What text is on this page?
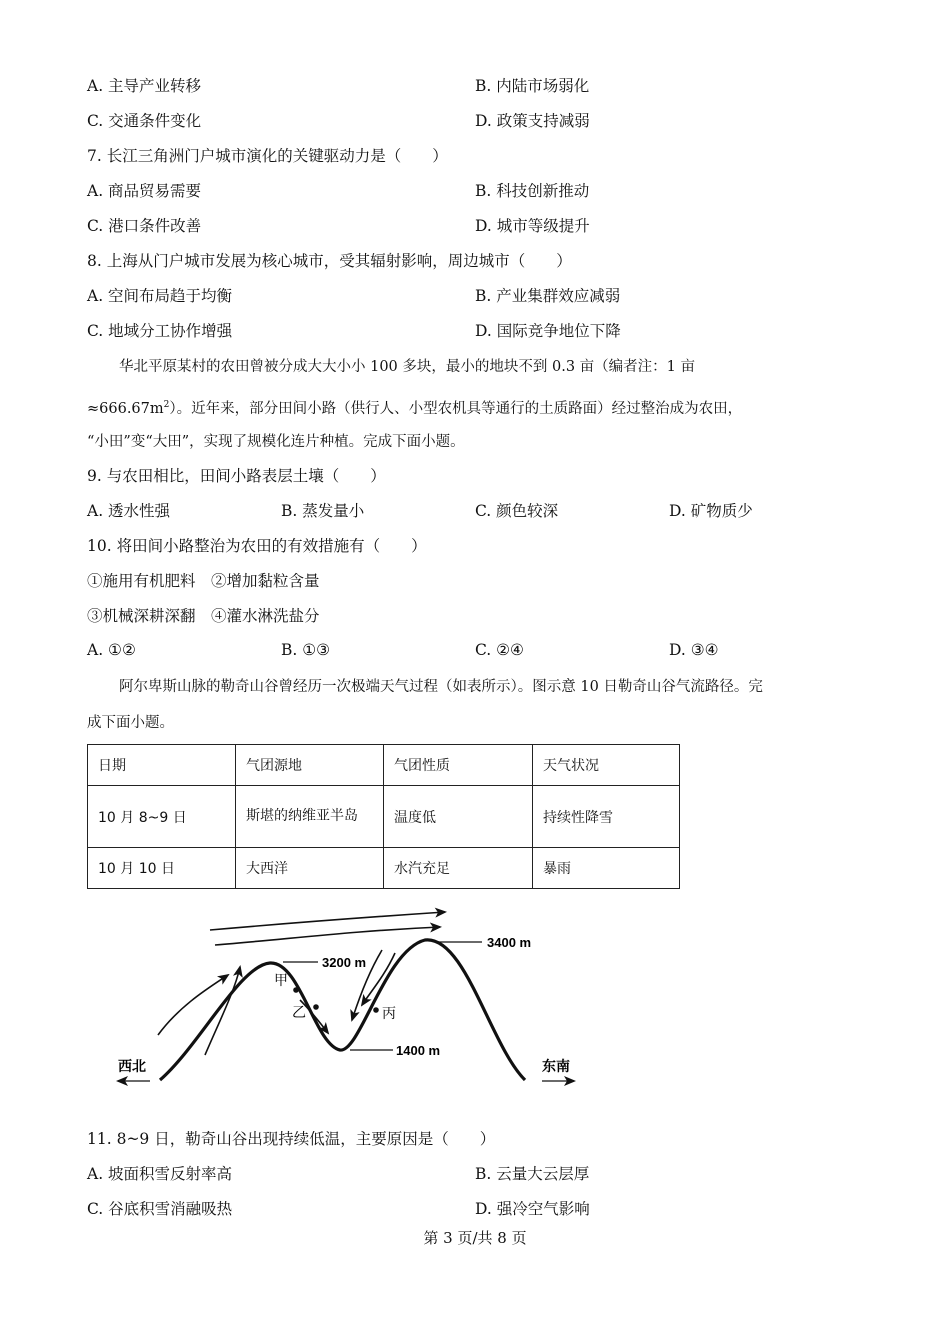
A. 主导产业转移	B. 内陆市场弱化
C. 交通条件变化	D. 政策支持减弱
7. 长江三角洲门户城市演化的关键驱动力是（　　）
A. 商品贸易需要	B. 科技创新推动
C. 港口条件改善	D. 城市等级提升
8. 上海从门户城市发展为核心城市，受其辐射影响，周边城市（　　）
A. 空间布局趋于均衡	B. 产业集群效应减弱
C. 地域分工协作增强	D. 国际竞争地位下降
华北平原某村的农田曾被分成大大小小 100 多块，最小的地块不到 0.3 亩（编者注：1 亩
$\approx 666.67m^2$）。近年来，部分田间小路（供行人、小型农机具等通行的土质路面）经过整治成为农田，
“小田”变“大田”，实现了规模化连片种植。完成下面小题。
9. 与农田相比，田间小路表层土壤（　　）
A. 透水性强	B. 蒸发量小	C. 颜色较深	D. 矿物质少
10. 将田间小路整治为农田的有效措施有（　　）
①施用有机肥料　②增加黏粒含量
③机械深耕深翻　④灌水淋洗盐分
A. ①②	B. ①③	C. ②④	D. ③④
阿尔卑斯山脉的勒奇山谷曾经历一次极端天气过程（如表所示）。图示意 10 日勒奇山谷气流路径。完
成下面小题。
日期	气团源地	气团性质	天气状况
10 月 8~9 日	斯堪的纳维亚半岛	温度低	持续性降雪
10 月 10 日	大西洋	水汽充足	暴雨
3400 m
3200 m
1400 m
甲
乙	丙
西北	东南
11. 8~9 日，勒奇山谷出现持续低温，主要原因是（　　）
A. 坡面积雪反射率高	B. 云量大云层厚
C. 谷底积雪消融吸热	D. 强冷空气影响
第 3 页/共 8 页
